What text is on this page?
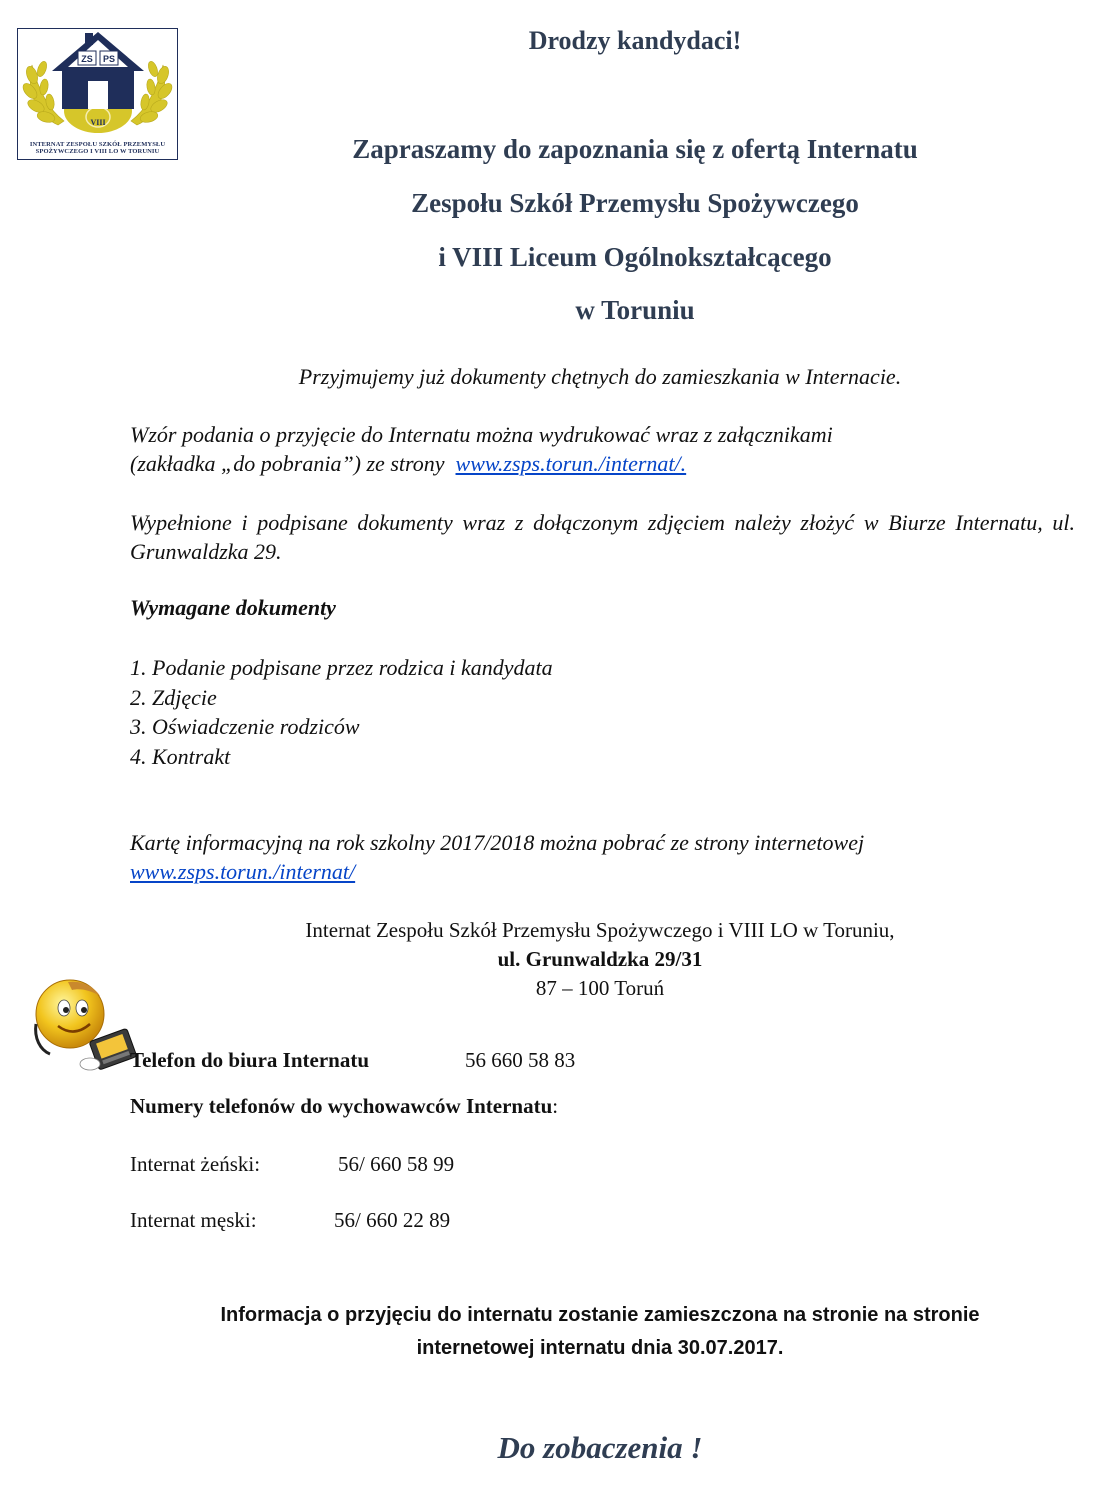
ZS PS
VIII
INTERNAT ZESPOŁU SZKÓŁ PRZEMYSŁU
SPOŻYWCZEGO I VIII LO W TORUNIU
Drodzy kandydaci!
Zapraszamy do zapoznania się z ofertą Internatu
Zespołu Szkół Przemysłu Spożywczego
i VIII Liceum Ogólnokształcącego
w Toruniu
Przyjmujemy już dokumenty chętnych do zamieszkania w Internacie.
Wzór podania o przyjęcie do Internatu można wydrukować wraz z załącznikami
(zakładka „do pobrania”) ze strony  www.zsps.torun./internat/.
Wypełnione i podpisane dokumenty wraz z dołączonym zdjęciem należy złożyć w Biurze Internatu, ul. Grunwaldzka 29.
Wymagane dokumenty
1. Podanie podpisane przez rodzica i kandydata
2. Zdjęcie
3. Oświadczenie rodziców
4. Kontrakt
Kartę informacyjną na rok szkolny 2017/2018 można pobrać ze strony internetowej
www.zsps.torun./internat/
Internat Zespołu Szkół Przemysłu Spożywczego i VIII LO w Toruniu,
ul. Grunwaldzka 29/31
87 – 100 Toruń
Telefon do biura Internatu	56 660 58 83
Numery telefonów do wychowawców Internatu:
Internat żeński:	56/ 660 58 99
Internat męski:	56/ 660 22 89
Informacja o przyjęciu do internatu zostanie zamieszczona na stronie na stronie
internetowej internatu dnia 30.07.2017.
Do zobaczenia !
